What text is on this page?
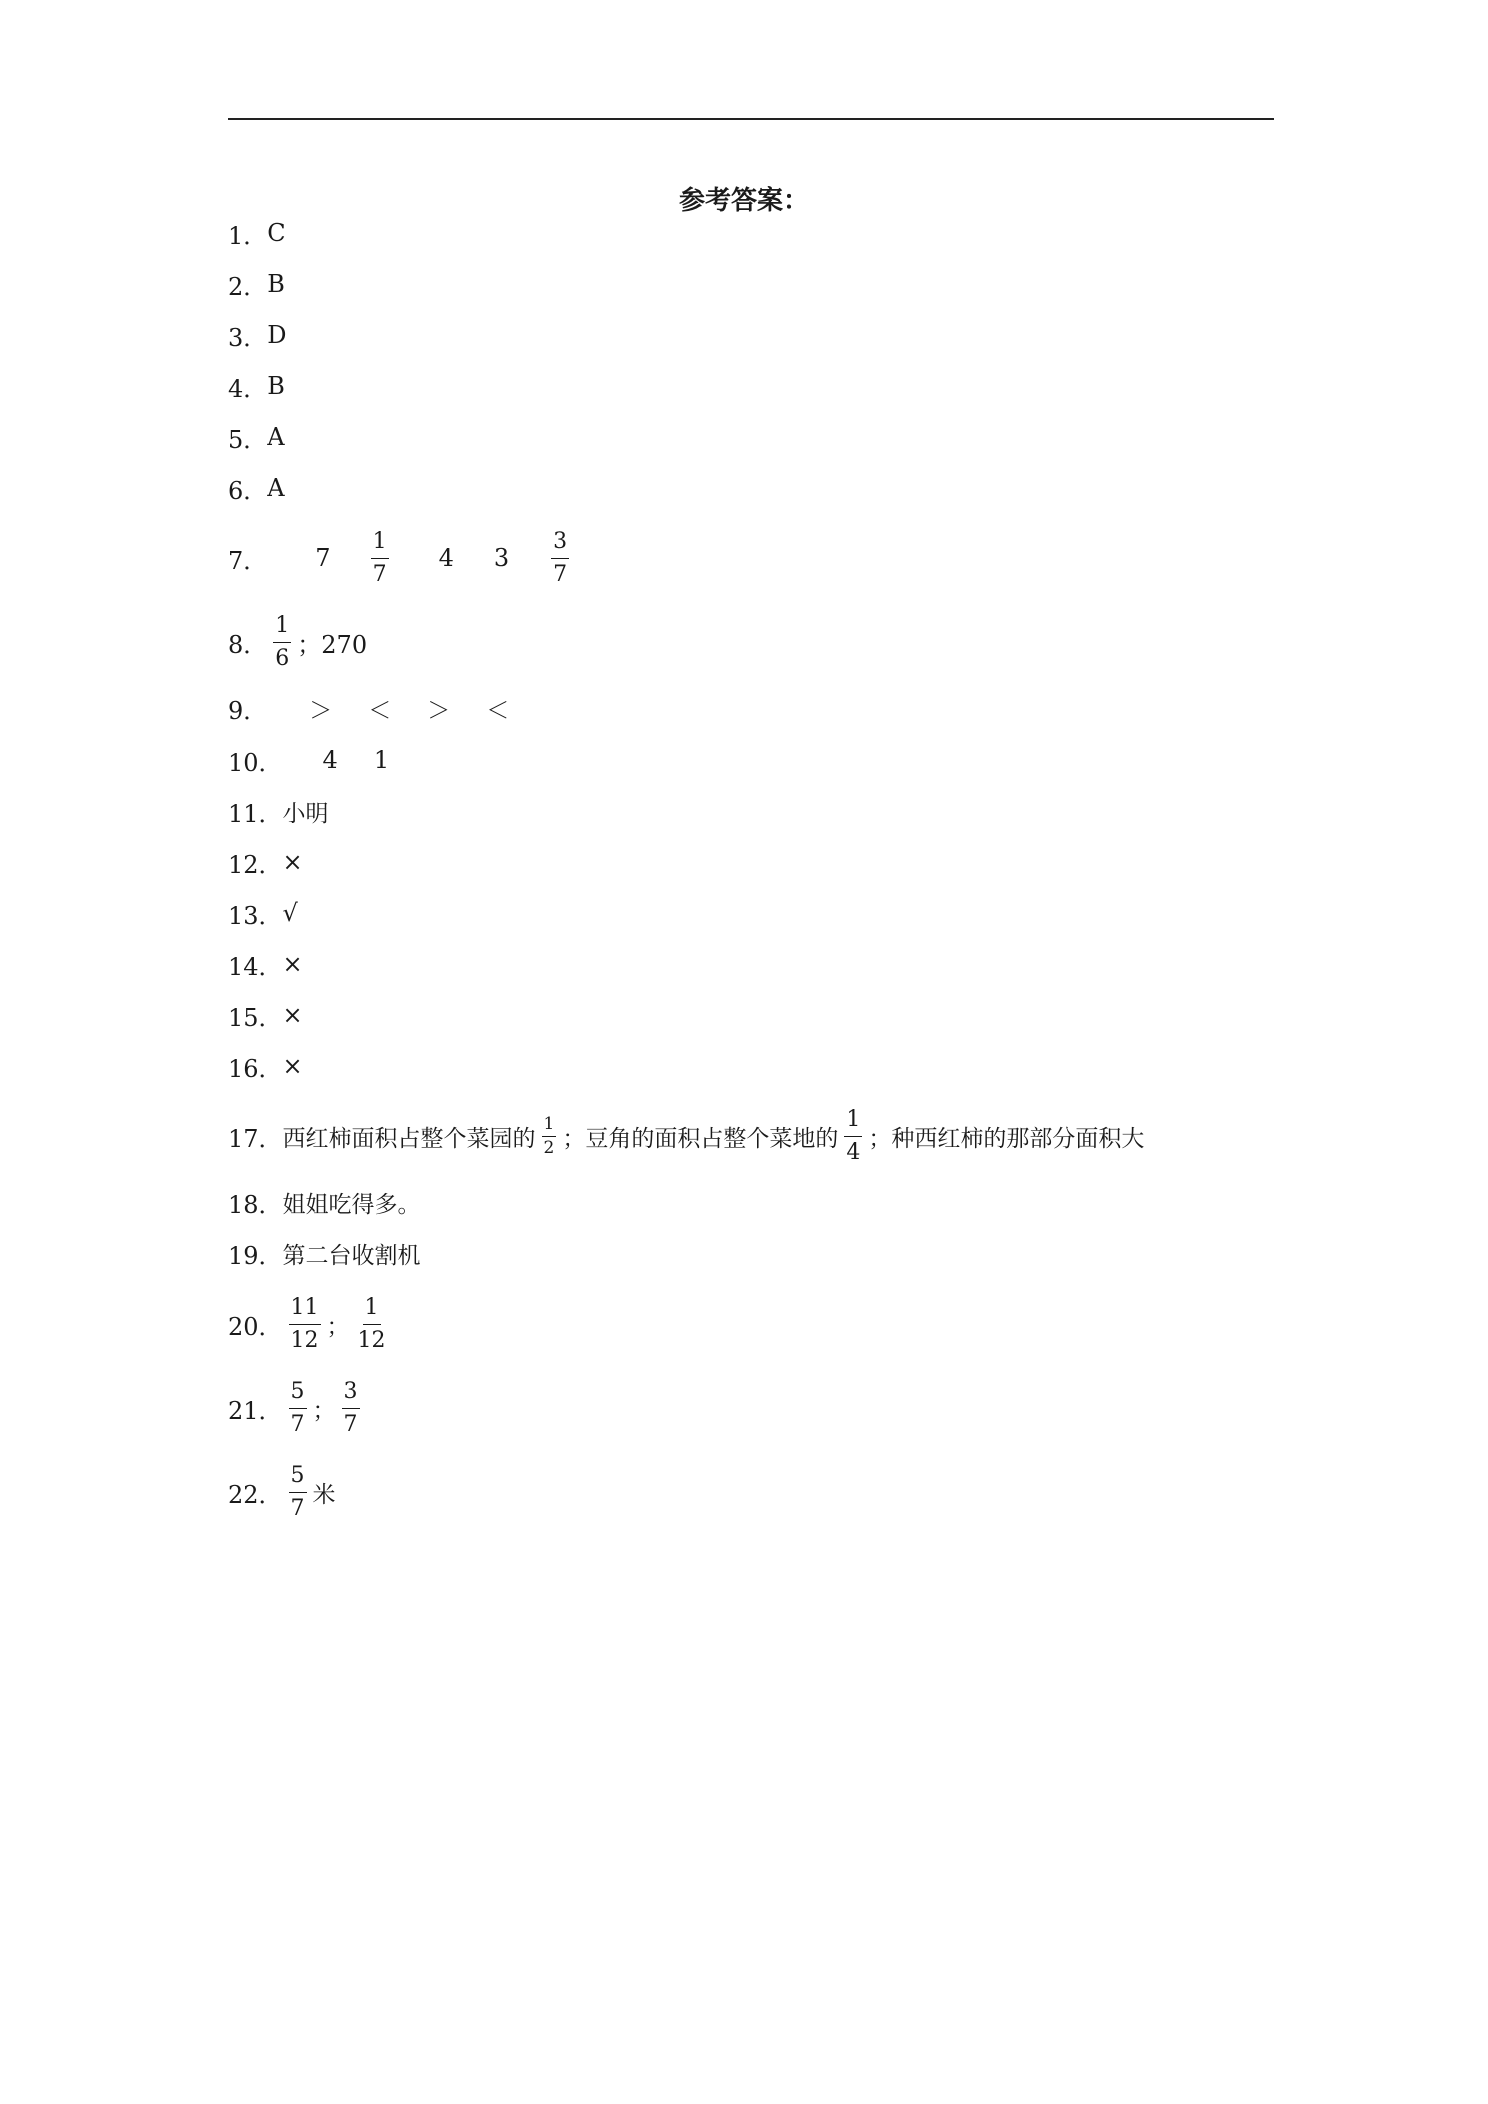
参考答案：
1． C
2． B
3． D
4． B
5． A
6． A
7． $7 \frac{1}{7} 4$ $3 \frac{3}{7}$
8． $\frac{1}{6}$ ；270
9． ＞ ＜ ＞ ＜
10． 4 1
11． 小明
12． ×
13． √
14． ×
15． ×
16． ×
17． 西红柿面积占整个菜园的 $\frac{1}{2}$ ；豆角的面积占整个菜地的 $\frac{1}{4}$ ；种西红柿的那部分面积大
18． 姐姐吃得多。
19． 第二台收割机
20． $\frac{11}{12}$ ； $\frac{1}{12}$
21． $\frac{5}{7}$ ； $\frac{3}{7}$
22． $\frac{5}{7}$ 米
